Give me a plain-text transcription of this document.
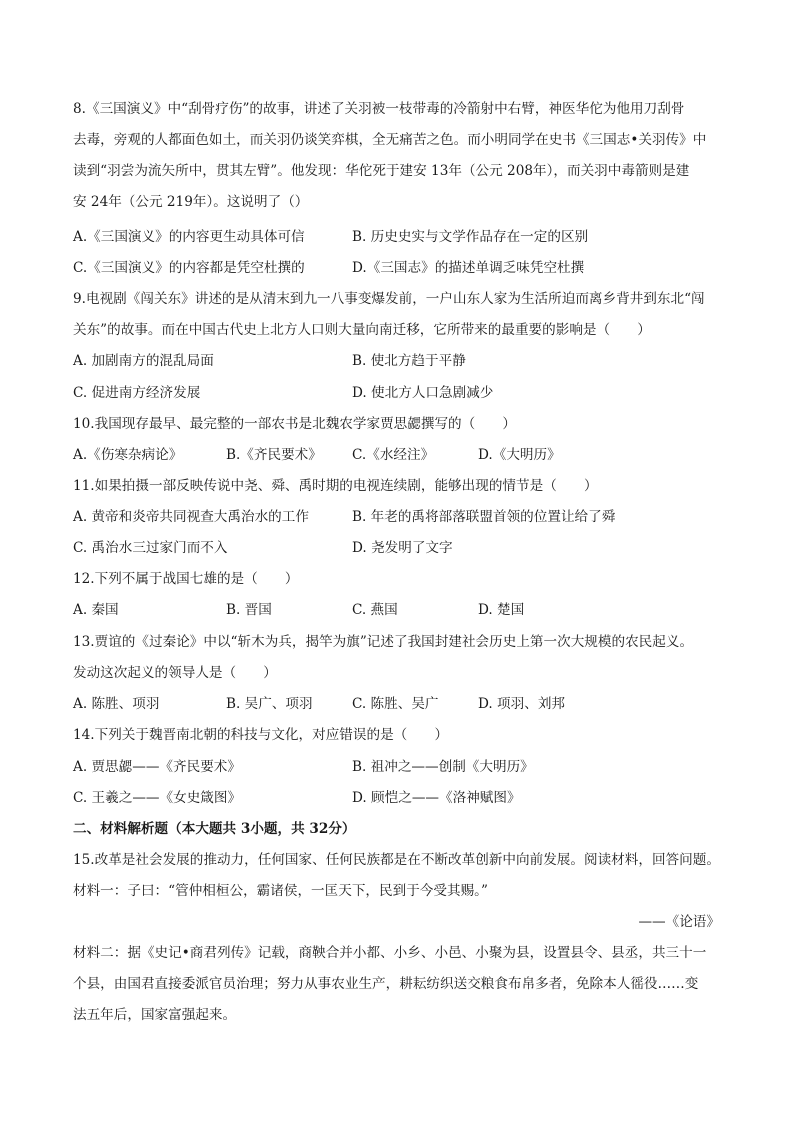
8.《三国演义》中“刮骨疗伤”的故事，讲述了关羽被一枝带毒的冷箭射中右臂，神医华佗为他用刀刮骨
去毒，旁观的人都面色如土，而关羽仍谈笑弈棋，全无痛苦之色。而小明同学在史书《三国志•关羽传》中
读到“羽尝为流矢所中，贯其左臂”。他发现：华佗死于建安 13年（公元 208年），而关羽中毒箭则是建
安 24年（公元 219年）。这说明了（）
A.《三国演义》的内容更生动具体可信	B. 历史史实与文学作品存在一定的区别
C.《三国演义》的内容都是凭空杜撰的	D.《三国志》的描述单调乏味凭空杜撰
9.电视剧《闯关东》讲述的是从清末到九一八事变爆发前，一户山东人家为生活所迫而离乡背井到东北“闯
关东”的故事。而在中国古代史上北方人口则大量向南迁移，它所带来的最重要的影响是（　　）
A. 加剧南方的混乱局面	B. 使北方趋于平静
C. 促进南方经济发展	D. 使北方人口急剧减少
10.我国现存最早、最完整的一部农书是北魏农学家贾思勰撰写的（　　）
A.《伤寒杂病论》	B.《齐民要术》 C.《水经注》	D.《大明历》
11.如果拍摄一部反映传说中尧、舜、禹时期的电视连续剧，能够出现的情节是（　　）
A. 黄帝和炎帝共同视查大禹治水的工作	B. 年老的禹将部落联盟首领的位置让给了舜
C. 禹治水三过家门而不入	D. 尧发明了文字
12.下列不属于战国七雄的是（　　）
A. 秦国	B. 晋国	C. 燕国	D. 楚国
13.贾谊的《过秦论》中以“斩木为兵，揭竿为旗”记述了我国封建社会历史上第一次大规模的农民起义。
发动这次起义的领导人是（　　）
A. 陈胜、项羽	B. 吴广、项羽	C. 陈胜、吴广	D. 项羽、刘邦
14.下列关于魏晋南北朝的科技与文化，对应错误的是（　　）
A. 贾思勰——《齐民要术》	B. 祖冲之——创制《大明历》
C. 王羲之——《女史箴图》	D. 顾恺之——《洛神赋图》
二、材料解析题（本大题共 3小题，共 32分）
15.改革是社会发展的推动力，任何国家、任何民族都是在不断改革创新中向前发展。阅读材料，回答问题。
材料一：子曰：“管仲相桓公，霸诸侯，一匡天下，民到于今受其赐。”
——《论语》
材料二：据《史记•商君列传》记载，商鞅合并小都、小乡、小邑、小聚为县，设置县令、县丞，共三十一
个县，由国君直接委派官员治理；努力从事农业生产，耕耘纺织送交粮食布帛多者，免除本人徭役……变
法五年后，国家富强起来。
